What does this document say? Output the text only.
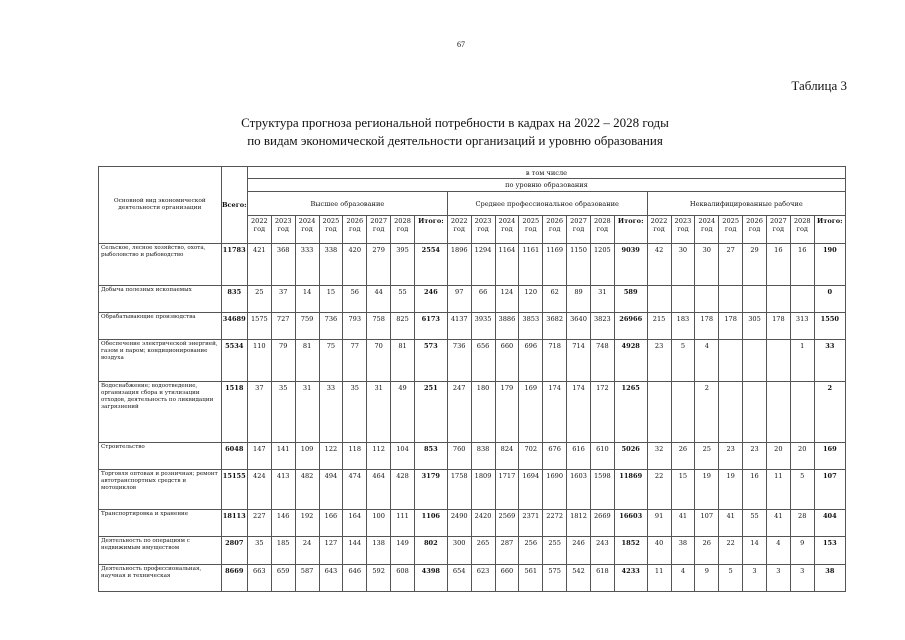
67
Таблица 3
Структура прогноза региональной потребности в кадрах на 2022 – 2028 годы
по видам экономической деятельности организаций и уровню образования
Основной вид экономической деятельности организации	Всего:	в том числе																							
		по уровню образования																							
		Высшее образование								Среднее профессиональное образование								Неквалифицированные рабочие							
		2022 год	2023 год	2024 год	2025 год	2026 год	2027 год	2028 год	Итого:	2022 год	2023 год	2024 год	2025 год	2026 год	2027 год	2028 год	Итого:	2022 год	2023 год	2024 год	2025 год	2026 год	2027 год	2028 год	Итого:
Сельское, лесное хозяйство, охота, рыболовство и рыбоводство	11783	421	368	333	338	420	279	395	2554	1896	1294	1164	1161	1169	1150	1205	9039	42	30	30	27	29	16	16	190
Добыча полезных ископаемых	835	25	37	14	15	56	44	55	246	97	66	124	120	62	89	31	589								0
Обрабатывающие производства	34689	1575	727	759	736	793	758	825	6173	4137	3935	3886	3853	3682	3640	3823	26966	215	183	178	178	305	178	313	1550
Обеспечение электрической энергией, газом и паром; кондиционирование воздуха	5534	110	79	81	75	77	70	81	573	736	656	660	696	718	714	748	4928	23	5	4				1	33
Водоснабжение; водоотведение, организация сбора и утилизации отходов, деятельность по ликвидации загрязнений	1518	37	35	31	33	35	31	49	251	247	180	179	169	174	174	172	1265			2					2
Строительство	6048	147	141	109	122	118	112	104	853	760	838	824	702	676	616	610	5026	32	26	25	23	23	20	20	169
Торговля оптовая и розничная; ремонт автотранспортных средств и мотоциклов	15155	424	413	482	494	474	464	428	3179	1758	1809	1717	1694	1690	1603	1598	11869	22	15	19	19	16	11	5	107
Транспортировка и хранение	18113	227	146	192	166	164	100	111	1106	2490	2420	2569	2371	2272	1812	2669	16603	91	41	107	41	55	41	28	404
Деятельность по операциям с недвижимым имуществом	2807	35	185	24	127	144	138	149	802	300	265	287	256	255	246	243	1852	40	38	26	22	14	4	9	153
Деятельность профессиональная, научная и техническая	8669	663	659	587	643	646	592	608	4398	654	623	660	561	575	542	618	4233	11	4	9	5	3	3	3	38
